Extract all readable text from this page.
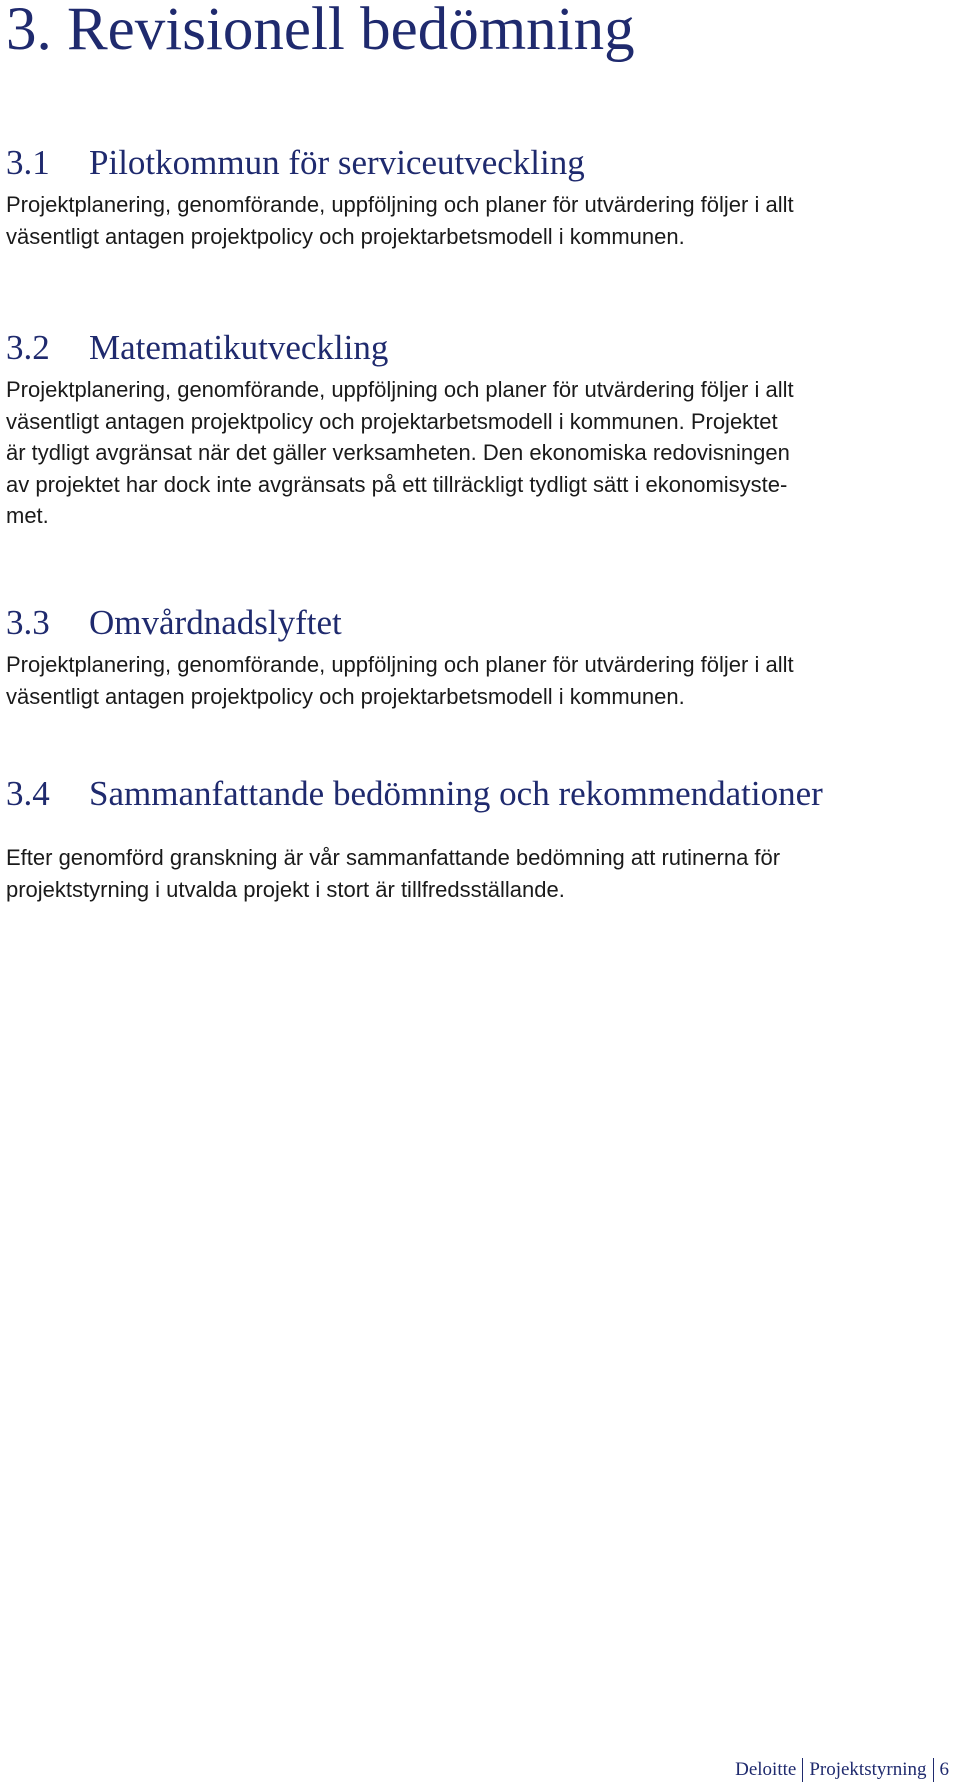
3. Revisionell bedömning
3.1 Pilotkommun för serviceutveckling

Projektplanering, genomförande, uppföljning och planer för utvärdering följer i allt
väsentligt antagen projektpolicy och projektarbetsmodell i kommunen.

3.2 Matematikutveckling

Projektplanering, genomförande, uppföljning och planer för utvärdering följer i allt
väsentligt antagen projektpolicy och projektarbetsmodell i kommunen. Projektet
är tydligt avgränsat när det gäller verksamheten. Den ekonomiska redovisningen
av projektet har dock inte avgränsats på ett tillräckligt tydligt sätt i ekonomisyste-
met.

3.3 Omvårdnadslyftet

Projektplanering, genomförande, uppföljning och planer för utvärdering följer i allt
väsentligt antagen projektpolicy och projektarbetsmodell i kommunen.

3.4 Sammanfattande bedömning och rekommendationer

Efter genomförd granskning är vår sammanfattande bedömning att rutinerna för
projektstyrning i utvalda projekt i stort är tillfredsställande.

Deloitte Projektstyrning 6
